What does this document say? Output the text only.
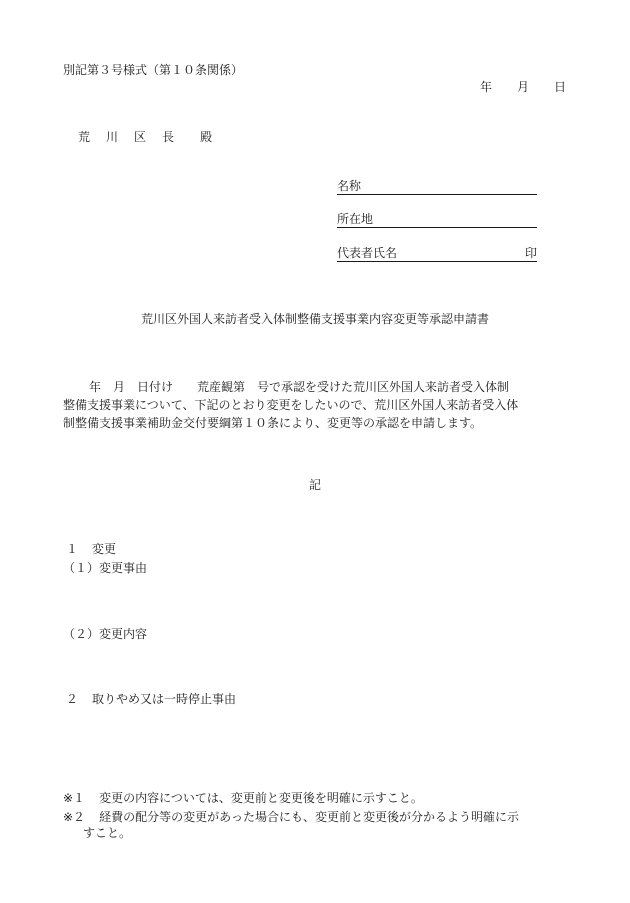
別記第３号様式（第１０条関係）
年 月 日
荒 川 区 長 殿
名称
所在地
代表者氏名	印
荒川区外国人来訪者受入体制整備支援事業内容変更等承認申請書
年　月　日付け　　荒産観第　号で承認を受けた荒川区外国人来訪者受入体制
整備支援事業について、下記のとおり変更をしたいので、荒川区外国人来訪者受入体
制整備支援事業補助金交付要綱第１０条により、変更等の承認を申請します。
記
１ 変更
（１）変更事由
（２）変更内容
２ 取りやめ又は一時停止事由
※１ 変更の内容については、変更前と変更後を明確に示すこと。
※２ 経費の配分等の変更があった場合にも、変更前と変更後が分かるよう明確に示
すこと。
